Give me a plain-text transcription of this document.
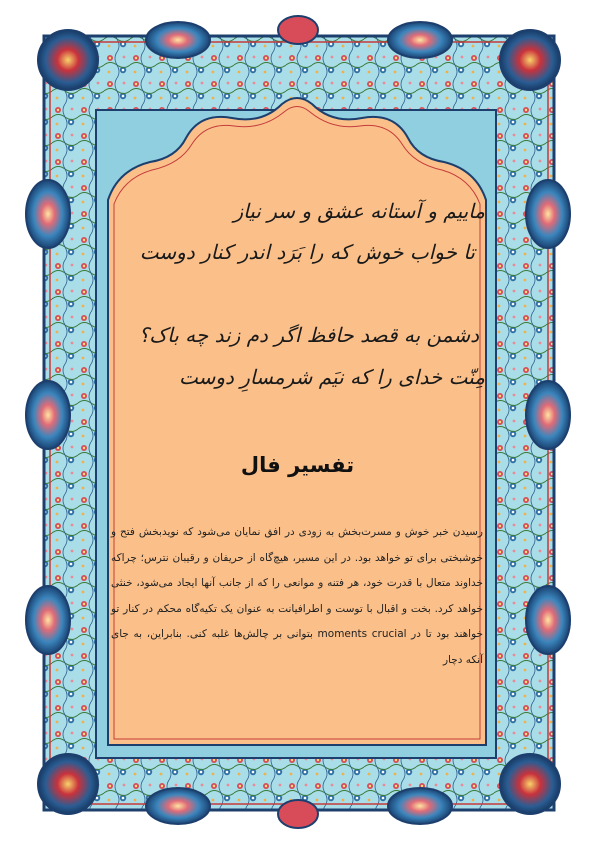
ماییم و آستانه عشق و سر نیاز
تا خواب خوش که را بَرَد اندر کنار دوست
دشمن به قصد حافظ اگر دم زند چه باک؟
مِنّت خدای را که نیَم شرمسارِ دوست
تفسیر فال

رسیدن خبر خوش و مسرت‌بخش به زودی در افق نمایان می‌شود که نویدبخش فتح و خوشبختی برای تو خواهد بود. در این مسیر، هیچ‌گاه از حریفان و رقیبان نترس؛ چراکه خداوند متعال با قدرت خود، هر فتنه و موانعی را که از جانب آنها ایجاد می‌شود، خنثی خواهد کرد. بخت و اقبال با توست و اطرافیانت به عنوان یک تکیه‌گاه محکم در کنار تو خواهند بود تا در moments crucial بتوانی بر چالش‌ها غلبه کنی. بنابراین، به جای آنکه دچار
